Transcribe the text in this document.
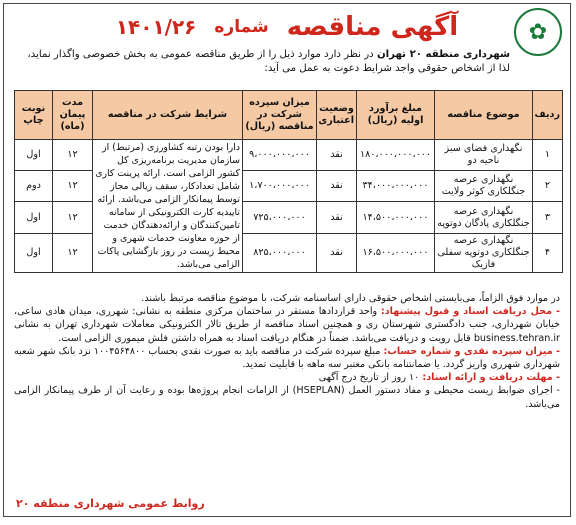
✿
آگهی مناقصه
شماره
۱۴۰۱/۲۶
شهرداری منطقه ۲۰ تهران در نظر دارد موارد ذیل را از طریق مناقصه عمومی به بخش خصوصی واگذار نماید،
لذا از اشخاص حقوقی واجد شرایط دعوت به عمل می آید:
ردیف	موضوع مناقصه	مبلغ برآورد اولیه (ریال)	وضعیت اعتباری	میزان سپرده شرکت در مناقصه (ریال)	شرایط شرکت در مناقصه	مدت پیمان (ماه)	نوبت چاپ
۱	نگهداری فضای سبز ناحیه دو	۱۸۰،۰۰۰،۰۰۰،۰۰۰	نقد	۹،۰۰۰،۰۰۰،۰۰۰	دارا بودن رتبه کشاورزی (مرتبط) از سازمان مدیریت برنامه‌ریزی کل کشور الزامی است. ارائه پرینت کاری شامل تعدادکار، سقف ریالی مجاز توسط پیمانکار الزامی می‌باشد. ارائه تاییدیه کارت الکترونیکی از سامانه تامین‌کنندگان و ارائه‌دهندگان خدمت از حوزه معاونت خدمات شهری و محیط زیست در روز بازگشایی پاکات الزامی می‌باشد.	۱۲	اول
۲	نگهداری عرصه جنگلکاری کوثر ولایت	۳۴،۰۰۰،۰۰۰،۰۰۰	نقد	۱،۷۰۰،۰۰۰،۰۰۰		۱۲	دوم
۳	نگهداری عرصه جنگلکاری پادگان دوتوپه	۱۴،۵۰۰،۰۰۰،۰۰۰	نقد	۷۲۵،۰۰۰،۰۰۰		۱۲	اول
۴	نگهداری عرصه جنگلکاری دوتوپه سفلی فازیک	۱۶،۵۰۰،۰۰۰،۰۰۰	نقد	۸۲۵،۰۰۰،۰۰۰		۱۲	اول

در موارد فوق الزاماً، می‌بایستی اشخاص حقوقی دارای اساسنامه شرکت، با موضوع مناقصه مرتبط باشند.

- محل دریافت اسناد و قبول پیشنهاد: واحد قراردادها مستقر در ساختمان مرکزی منطقه به نشانی: شهرری، میدان هادی ساعی، خیابان شهرداری، جنب دادگستری شهرستان ری و همچنین اسناد مناقصه از طریق تالار الکترونیکی معاملات شهرداری تهران به نشانی business.tehran.ir قابل رویت و دریافت می‌باشد. ضمناً در هنگام دریافت اسناد به همراه داشتن فلش میموری الزامی است.

- میزان سپرده نقدی و شماره حساب: مبلغ سپرده شرکت در مناقصه باید به صورت نقدی بحساب ۱۰۰۴۵۶۴۸۰۰ نزد بانک شهر شعبه شهرداری شهرری واریز گردد. یا ضمانتنامه بانکی معتبر سه ماهه با قابلیت تمدید.

- مهلت دریافت و ارائه اسناد: ۱۰ روز از تاریخ درج آگهی

- اجرای ضوابط زیست محیطی و مفاد دستور العمل (HSEPLAN) از الزامات انجام پروژه‌ها بوده و رعایت آن از طرف پیمانکار الزامی می‌باشد.

روابط عمومی شهرداری منطقه ۲۰
